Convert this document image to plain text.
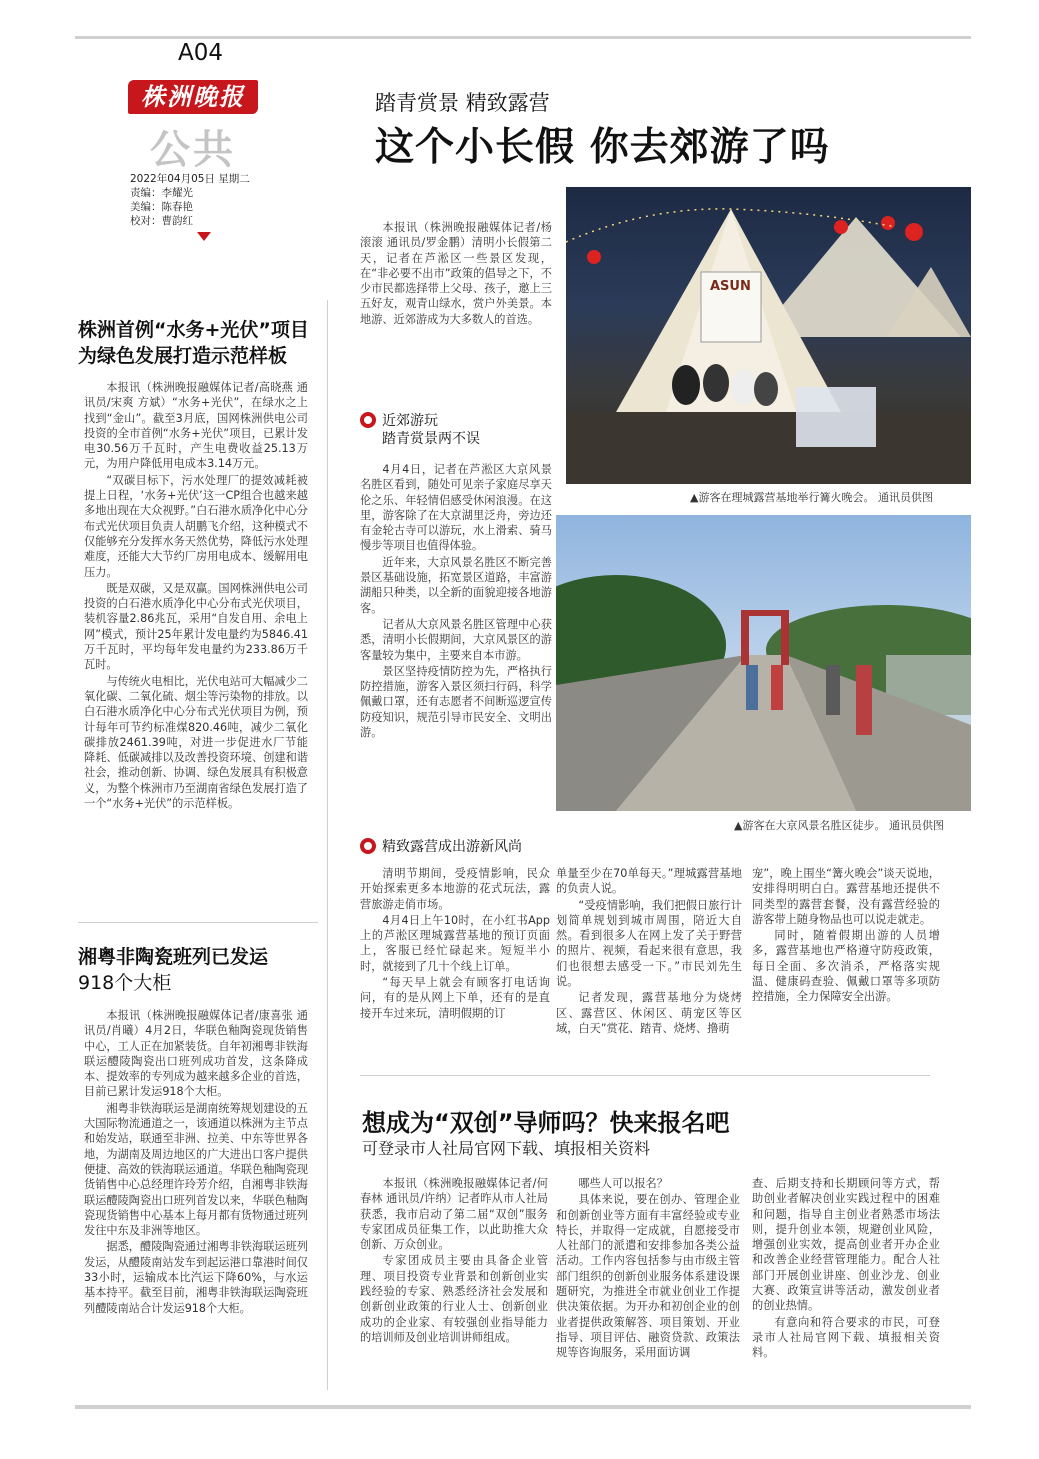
A04
株洲晚报
公共
2022年04月05日 星期二
责编：李耀光
美编：陈春艳
校对：曹韵红
踏青赏景 精致露营
这个小长假 你去郊游了吗

本报讯（株洲晚报融媒体记者/杨滚滚 通讯员/罗金鹏）清明小长假第二天，记者在芦淞区一些景区发现，在“非必要不出市”政策的倡导之下，不少市民都选择带上父母、孩子，邀上三五好友，观青山绿水，赏户外美景。本地游、近郊游成为大多数人的首选。

近郊游玩
踏青赏景两不误

4月4日，记者在芦淞区大京风景名胜区看到，随处可见亲子家庭尽享天伦之乐、年轻情侣感受休闲浪漫。在这里，游客除了在大京湖里泛舟，旁边还有金轮古寺可以游玩，水上滑索、骑马慢步等项目也值得体验。

近年来，大京风景名胜区不断完善景区基础设施，拓宽景区道路，丰富游湖船只种类，以全新的面貌迎接各地游客。

记者从大京风景名胜区管理中心获悉，清明小长假期间，大京风景区的游客量较为集中，主要来自本市游。

景区坚持疫情防控为先，严格执行防控措施，游客入景区须扫行码，科学佩戴口罩，还有志愿者不间断巡逻宣传防疫知识，规范引导市民安全、文明出游。

ASUN
▲游客在理城露营基地举行篝火晚会。 通讯员供图
▲游客在大京风景名胜区徒步。 通讯员供图
精致露营成出游新风尚

清明节期间，受疫情影响，民众开始探索更多本地游的花式玩法，露营旅游走俏市场。

4月4日上午10时，在小红书App上的芦淞区理城露营基地的预订页面上，客服已经忙碌起来。短短半小时，就接到了几十个线上订单。

“每天早上就会有顾客打电话询问，有的是从网上下单，还有的是直接开车过来玩，清明假期的订

单量至少在70单每天。”理城露营基地的负责人说。

“受疫情影响，我们把假日旅行计划简单规划到城市周围，陪近大自然。看到很多人在网上发了关于野营的照片、视频，看起来很有意思，我们也很想去感受一下。”市民刘先生说。

记者发现，露营基地分为烧烤区、露营区、休闲区、萌宠区等区域，白天”赏花、踏青、烧烤、撸萌

宠”，晚上围坐“篝火晚会”谈天说地，安排得明明白白。露营基地还提供不同类型的露营套餐，没有露营经验的游客带上随身物品也可以说走就走。

同时，随着假期出游的人员增多，露营基地也严格遵守防疫政策，每日全面、多次消杀，严格落实规温、健康码查验、佩戴口罩等多项防控措施，全力保障安全出游。

株洲首例“水务+光伏”项目
为绿色发展打造示范样板

本报讯（株洲晚报融媒体记者/高晓燕 通讯员/宋爽 方斌）“水务+光伏”，在绿水之上找到“金山”。截至3月底，国网株洲供电公司投资的全市首例“水务+光伏”项目，已累计发电30.56万千瓦时，产生电费收益25.13万元，为用户降低用电成本3.14万元。

“双碳目标下，污水处理厂的提效减耗被提上日程，‘水务+光伏’这一CP组合也越来越多地出现在大众视野。”白石港水质净化中心分布式光伏项目负责人胡鹏飞介绍，这种模式不仅能够充分发挥水务天然优势，降低污水处理难度，还能大大节约厂房用电成本、缓解用电压力。

既是双碳，又是双赢。国网株洲供电公司投资的白石港水质净化中心分布式光伏项目，装机容量2.86兆瓦，采用“自发自用、余电上网”模式，预计25年累计发电量约为5846.41万千瓦时，平均每年发电量约为233.86万千瓦时。

与传统火电相比，光伏电站可大幅减少二氧化碳、二氧化硫、烟尘等污染物的排放。以白石港水质净化中心分布式光伏项目为例，预计每年可节约标准煤820.46吨，减少二氧化碳排放2461.39吨，对进一步促进水厂节能降耗、低碳减排以及改善投资环境、创建和谐社会，推动创新、协调、绿色发展具有积极意义，为整个株洲市乃至湖南省绿色发展打造了一个“水务+光伏”的示范样板。

湘粤非陶瓷班列已发运
918个大柜

本报讯（株洲晚报融媒体记者/康喜张 通讯员/肖曦）4月2日，华联色釉陶瓷现货销售中心，工人正在加紧装货。自年初湘粤非铁海联运醴陵陶瓷出口班列成功首发，这条降成本、提效率的专列成为越来越多企业的首选，目前已累计发运918个大柜。

湘粤非铁海联运是湖南统筹规划建设的五大国际物流通道之一，该通道以株洲为主节点和始发站，联通至非洲、拉美、中东等世界各地，为湖南及周边地区的广大进出口客户提供便捷、高效的铁海联运通道。华联色釉陶瓷现货销售中心总经理许玲芳介绍，自湘粤非铁海联运醴陵陶瓷出口班列首发以来，华联色釉陶瓷现货销售中心基本上每月都有货物通过班列发往中东及非洲等地区。

据悉，醴陵陶瓷通过湘粤非铁海联运班列发运，从醴陵南站发车到起运港口靠港时间仅33小时，运输成本比汽运下降60%，与水运基本持平。截至目前，湘粤非铁海联运陶瓷班列醴陵南站合计发运918个大柜。

想成为“双创”导师吗？快来报名吧
可登录市人社局官网下载、填报相关资料

本报讯（株洲晚报融媒体记者/何春林 通讯员/许纳）记者昨从市人社局获悉，我市启动了第二届“双创”服务专家团成员征集工作，以此助推大众创新、万众创业。

专家团成员主要由具备企业管理、项目投资专业背景和创新创业实践经验的专家、熟悉经济社会发展和创新创业政策的行业人士、创新创业成功的企业家、有较强创业指导能力的培训师及创业培训讲师组成。

哪些人可以报名？

具体来说，要在创办、管理企业和创新创业等方面有丰富经验或专业特长，并取得一定成就，自愿接受市人社部门的派遣和安排参加各类公益活动。工作内容包括参与由市级主管部门组织的创新创业服务体系建设课题研究，为推进全市就业创业工作提供决策依据。为开办和初创企业的创业者提供政策解答、项目策划、开业指导、项目评估、融资贷款、政策法规等咨询服务，采用面访调

查、后期支持和长期顾问等方式，帮助创业者解决创业实践过程中的困难和问题，指导自主创业者熟悉市场法则，提升创业本领，规避创业风险，增强创业实效，提高创业者开办企业和改善企业经营管理能力。配合人社部门开展创业讲座、创业沙龙、创业大赛、政策宣讲等活动，激发创业者的创业热情。

有意向和符合要求的市民，可登录市人社局官网下载、填报相关资料。
